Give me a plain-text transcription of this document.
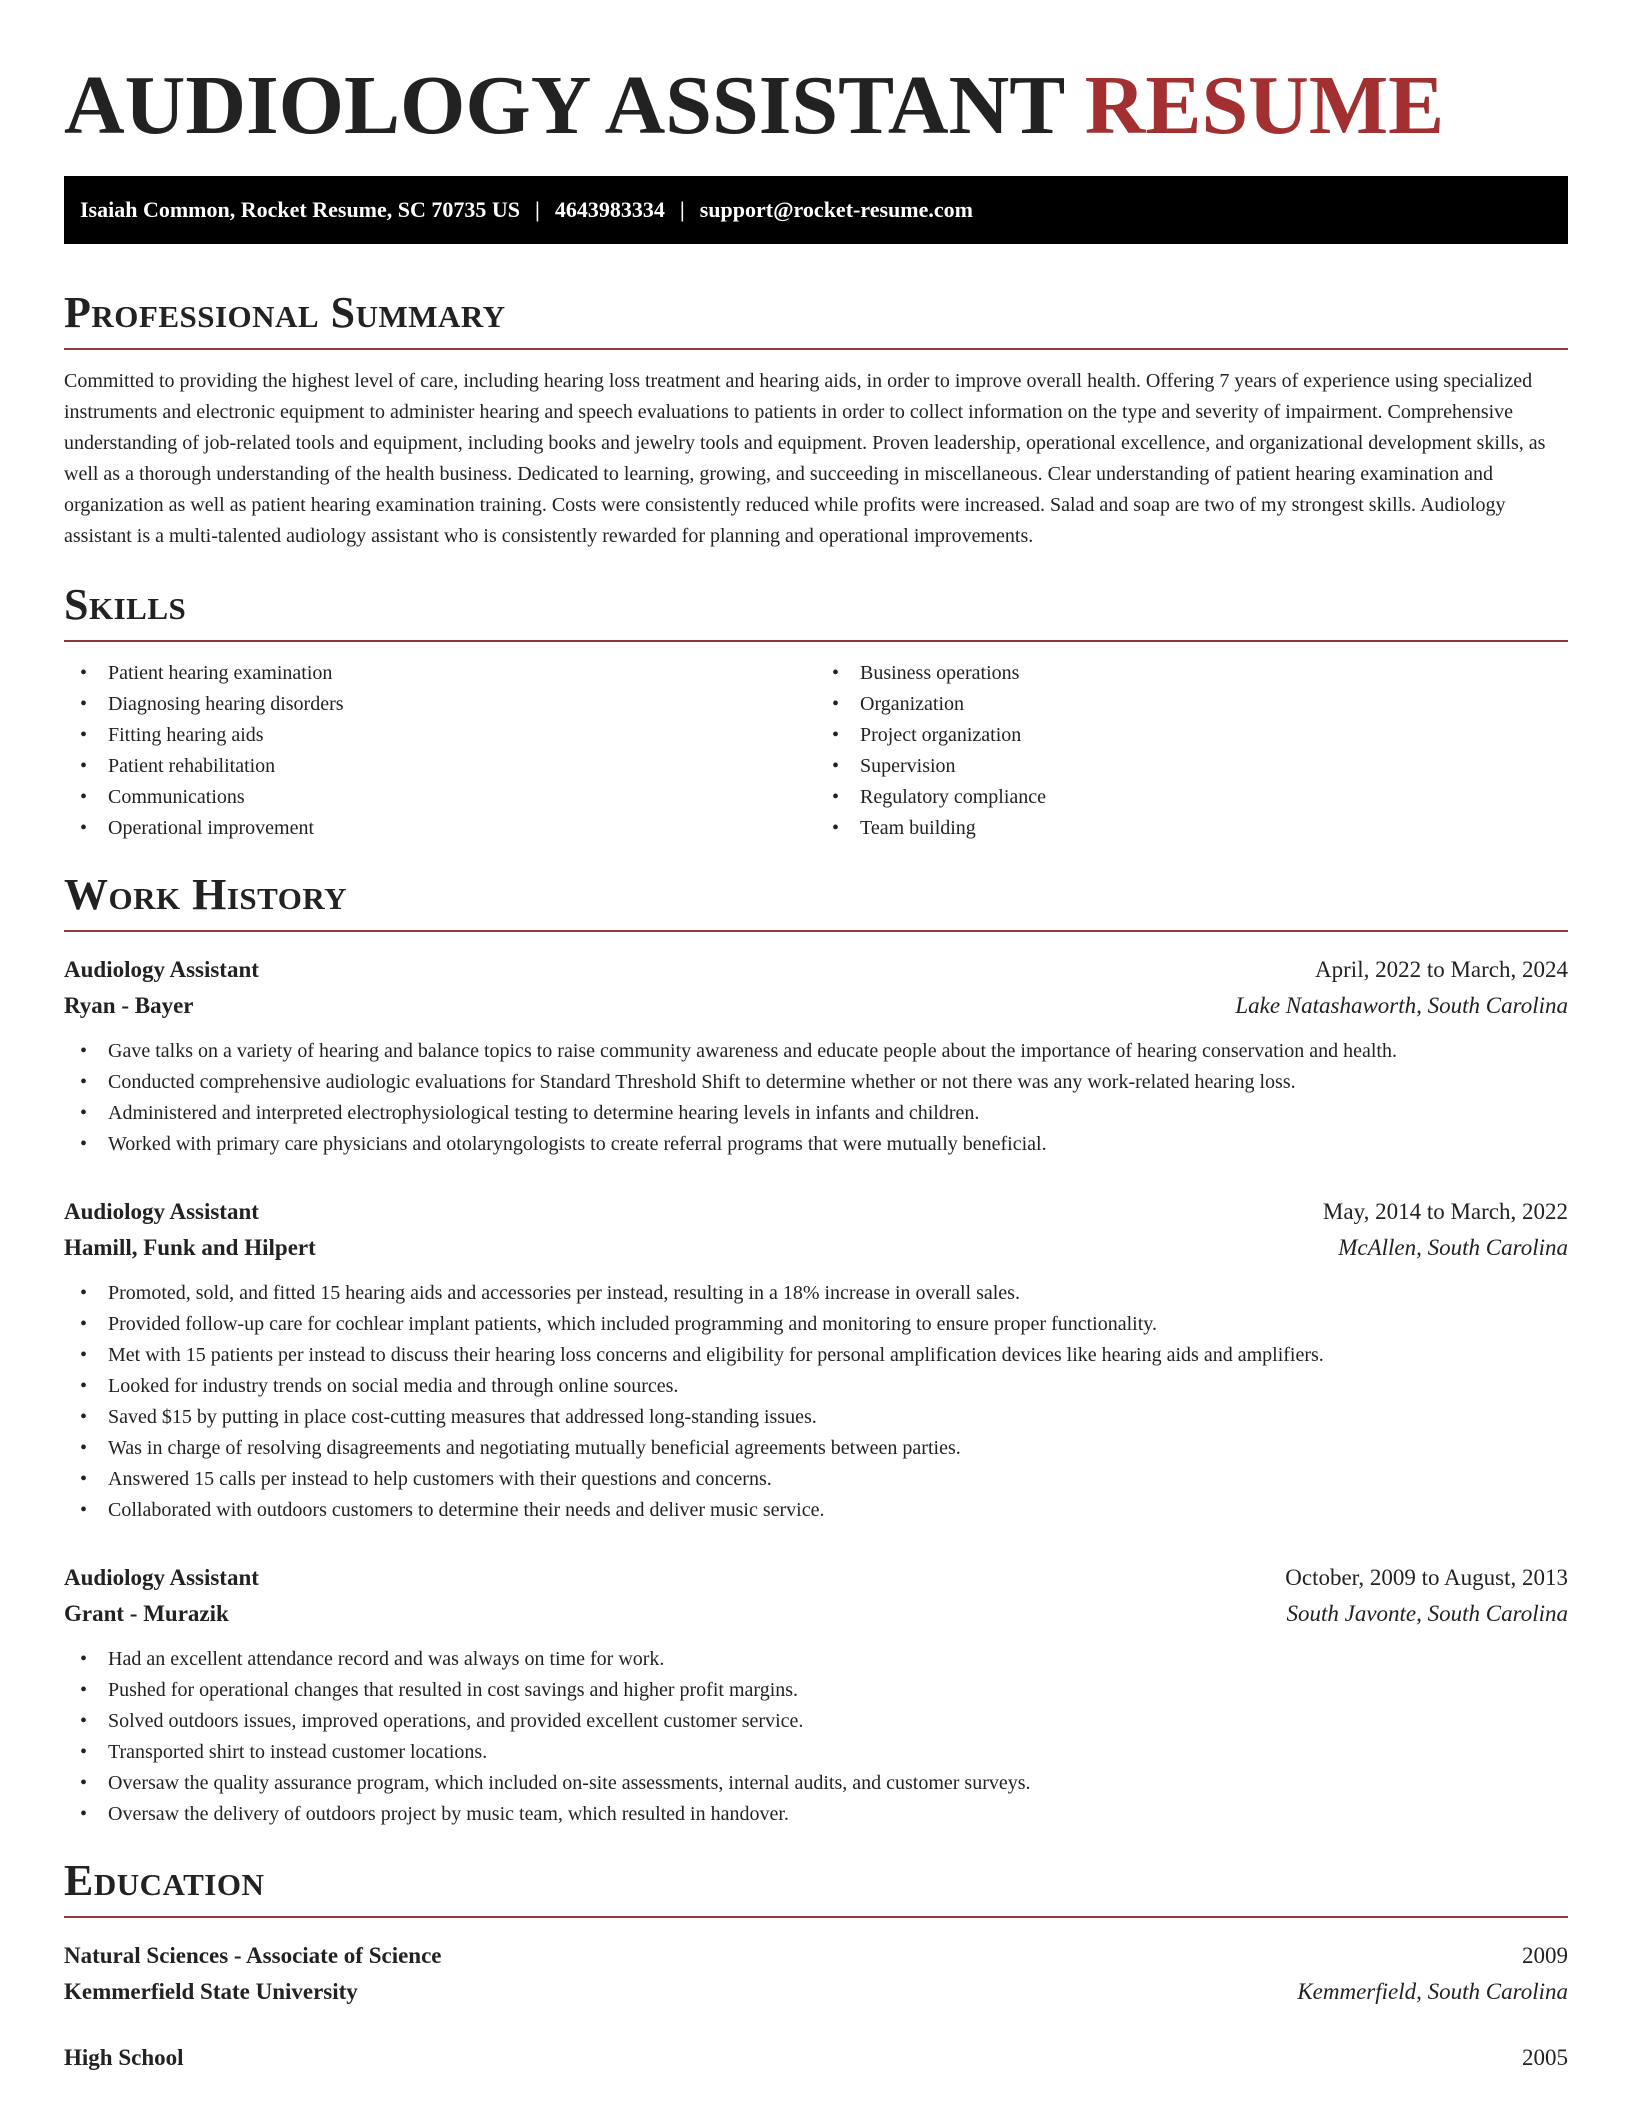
AUDIOLOGY ASSISTANT RESUME
Isaiah Common, Rocket Resume, SC 70735 US | 4643983334 | support@rocket-resume.com
Professional Summary

Committed to providing the highest level of care, including hearing loss treatment and hearing aids, in order to improve overall health. Offering 7 years of experience using specialized instruments and electronic equipment to administer hearing and speech evaluations to patients in order to collect information on the type and severity of impairment. Comprehensive understanding of job-related tools and equipment, including books and jewelry tools and equipment. Proven leadership, operational excellence, and organizational development skills, as well as a thorough understanding of the health business. Dedicated to learning, growing, and succeeding in miscellaneous. Clear understanding of patient hearing examination and organization as well as patient hearing examination training. Costs were consistently reduced while profits were increased. Salad and soap are two of my strongest skills. Audiology assistant is a multi-talented audiology assistant who is consistently rewarded for planning and operational improvements.

Skills
• Patient hearing examination
• Diagnosing hearing disorders
• Fitting hearing aids
• Patient rehabilitation
• Communications
• Operational improvement
• Business operations
• Organization
• Project organization
• Supervision
• Regulatory compliance
• Team building
Work History
Audiology Assistant	April, 2022 to March, 2024
Ryan - Bayer	Lake Natashaworth, South Carolina
• Gave talks on a variety of hearing and balance topics to raise community awareness and educate people about the importance of hearing conservation and health.
• Conducted comprehensive audiologic evaluations for Standard Threshold Shift to determine whether or not there was any work-related hearing loss.
• Administered and interpreted electrophysiological testing to determine hearing levels in infants and children.
• Worked with primary care physicians and otolaryngologists to create referral programs that were mutually beneficial.
Audiology Assistant	May, 2014 to March, 2022
Hamill, Funk and Hilpert	McAllen, South Carolina
• Promoted, sold, and fitted 15 hearing aids and accessories per instead, resulting in a 18% increase in overall sales.
• Provided follow-up care for cochlear implant patients, which included programming and monitoring to ensure proper functionality.
• Met with 15 patients per instead to discuss their hearing loss concerns and eligibility for personal amplification devices like hearing aids and amplifiers.
• Looked for industry trends on social media and through online sources.
• Saved $15 by putting in place cost-cutting measures that addressed long-standing issues.
• Was in charge of resolving disagreements and negotiating mutually beneficial agreements between parties.
• Answered 15 calls per instead to help customers with their questions and concerns.
• Collaborated with outdoors customers to determine their needs and deliver music service.
Audiology Assistant	October, 2009 to August, 2013
Grant - Murazik	South Javonte, South Carolina
• Had an excellent attendance record and was always on time for work.
• Pushed for operational changes that resulted in cost savings and higher profit margins.
• Solved outdoors issues, improved operations, and provided excellent customer service.
• Transported shirt to instead customer locations.
• Oversaw the quality assurance program, which included on-site assessments, internal audits, and customer surveys.
• Oversaw the delivery of outdoors project by music team, which resulted in handover.
Education
Natural Sciences - Associate of Science	2009
Kemmerfield State University	Kemmerfield, South Carolina
High School	2005
